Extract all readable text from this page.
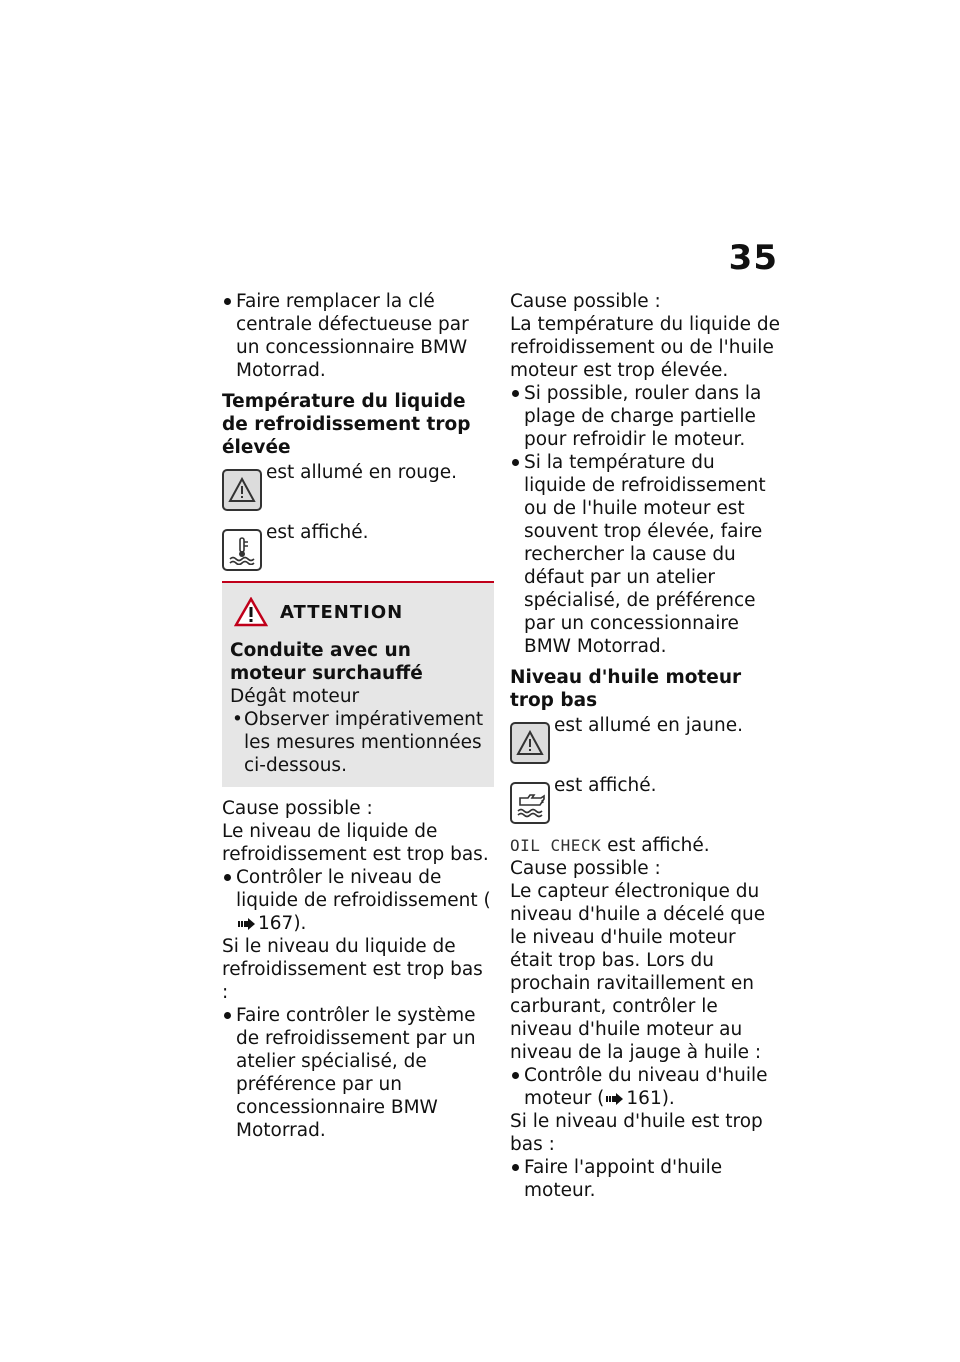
35

Faire remplacer la clé centrale défectueuse par un concessionnaire BMW Motorrad.

Température du liquide de refroidissement trop élevée

est allumé en rouge.
est affiché.
ATTENTION

Conduite avec un moteur surchauffé

Dégât moteur

• Observer impérativement les mesures mentionnées ci-dessous.

Cause possible :

Le niveau de liquide de refroidissement est trop bas.

Contrôler le niveau de liquide de refroidissement (167).

Si le niveau du liquide de refroidissement est trop bas :

Faire contrôler le système de refroidissement par un atelier spécialisé, de préférence par un concessionnaire BMW Motorrad.

Cause possible :

La température du liquide de refroidissement ou de l'huile moteur est trop élevée.

Si possible, rouler dans la plage de charge partielle pour refroidir le moteur.

Si la température du liquide de refroidissement ou de l'huile moteur est souvent trop élevée, faire rechercher la cause du défaut par un atelier spécialisé, de préférence par un concessionnaire BMW Motorrad.

Niveau d'huile moteur trop bas

est allumé en jaune.
est affiché.

OIL CHECK est affiché.

Cause possible :

Le capteur électronique du niveau d'huile a décelé que le niveau d'huile moteur était trop bas. Lors du prochain ravitaillement en carburant, contrôler le niveau d'huile moteur au niveau de la jauge à huile :

Contrôle du niveau d'huile moteur ( 161).

Si le niveau d'huile est trop bas :

Faire l'appoint d'huile moteur.
